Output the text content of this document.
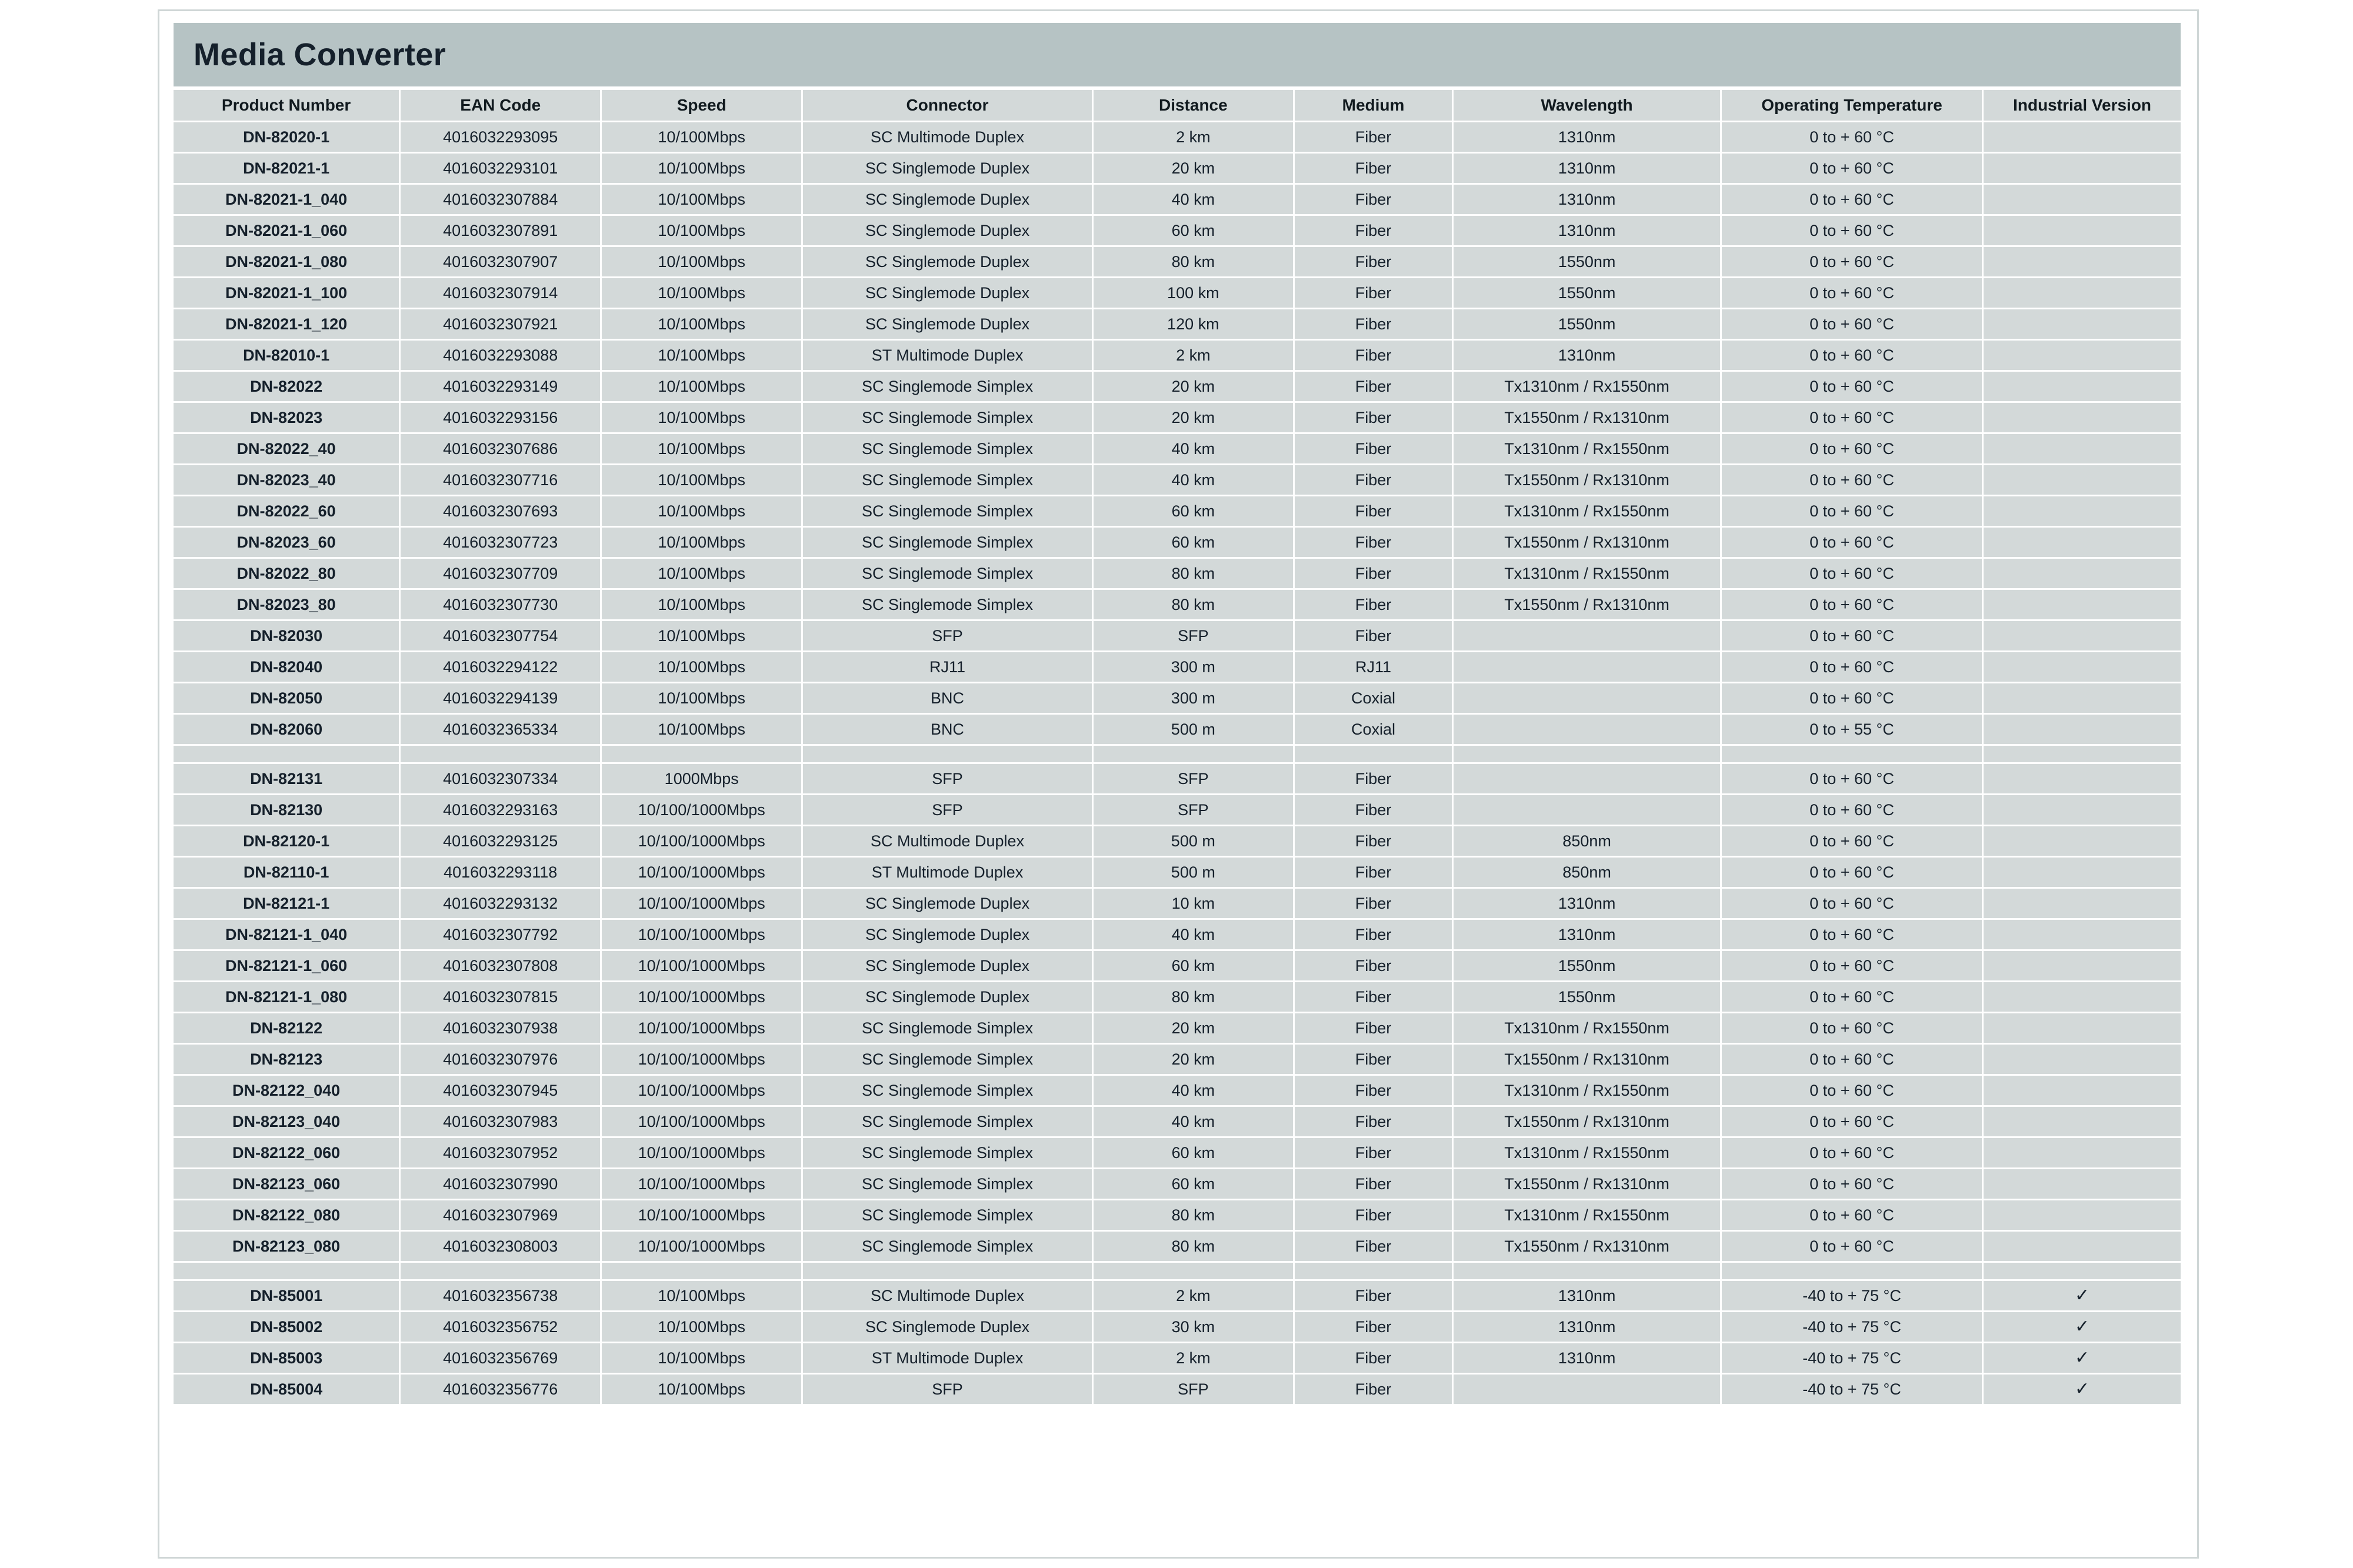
Media Converter
Product Number	EAN Code	Speed	Connector	Distance	Medium	Wavelength	Operating Temperature	Industrial Version
DN-82020-1	4016032293095	10/100Mbps	SC Multimode Duplex	2 km	Fiber	1310nm	0 to + 60 °C	
DN-82021-1	4016032293101	10/100Mbps	SC Singlemode Duplex	20 km	Fiber	1310nm	0 to + 60 °C	
DN-82021-1_040	4016032307884	10/100Mbps	SC Singlemode Duplex	40 km	Fiber	1310nm	0 to + 60 °C	
DN-82021-1_060	4016032307891	10/100Mbps	SC Singlemode Duplex	60 km	Fiber	1310nm	0 to + 60 °C	
DN-82021-1_080	4016032307907	10/100Mbps	SC Singlemode Duplex	80 km	Fiber	1550nm	0 to + 60 °C	
DN-82021-1_100	4016032307914	10/100Mbps	SC Singlemode Duplex	100 km	Fiber	1550nm	0 to + 60 °C	
DN-82021-1_120	4016032307921	10/100Mbps	SC Singlemode Duplex	120 km	Fiber	1550nm	0 to + 60 °C	
DN-82010-1	4016032293088	10/100Mbps	ST Multimode Duplex	2 km	Fiber	1310nm	0 to + 60 °C	
DN-82022	4016032293149	10/100Mbps	SC Singlemode Simplex	20 km	Fiber	Tx1310nm / Rx1550nm	0 to + 60 °C	
DN-82023	4016032293156	10/100Mbps	SC Singlemode Simplex	20 km	Fiber	Tx1550nm / Rx1310nm	0 to + 60 °C	
DN-82022_40	4016032307686	10/100Mbps	SC Singlemode Simplex	40 km	Fiber	Tx1310nm / Rx1550nm	0 to + 60 °C	
DN-82023_40	4016032307716	10/100Mbps	SC Singlemode Simplex	40 km	Fiber	Tx1550nm / Rx1310nm	0 to + 60 °C	
DN-82022_60	4016032307693	10/100Mbps	SC Singlemode Simplex	60 km	Fiber	Tx1310nm / Rx1550nm	0 to + 60 °C	
DN-82023_60	4016032307723	10/100Mbps	SC Singlemode Simplex	60 km	Fiber	Tx1550nm / Rx1310nm	0 to + 60 °C	
DN-82022_80	4016032307709	10/100Mbps	SC Singlemode Simplex	80 km	Fiber	Tx1310nm / Rx1550nm	0 to + 60 °C	
DN-82023_80	4016032307730	10/100Mbps	SC Singlemode Simplex	80 km	Fiber	Tx1550nm / Rx1310nm	0 to + 60 °C	
DN-82030	4016032307754	10/100Mbps	SFP	SFP	Fiber		0 to + 60 °C	
DN-82040	4016032294122	10/100Mbps	RJ11	300 m	RJ11		0 to + 60 °C	
DN-82050	4016032294139	10/100Mbps	BNC	300 m	Coxial		0 to + 60 °C	
DN-82060	4016032365334	10/100Mbps	BNC	500 m	Coxial		0 to + 55 °C	

DN-82131	4016032307334	1000Mbps	SFP	SFP	Fiber		0 to + 60 °C	
DN-82130	4016032293163	10/100/1000Mbps	SFP	SFP	Fiber		0 to + 60 °C	
DN-82120-1	4016032293125	10/100/1000Mbps	SC Multimode Duplex	500 m	Fiber	850nm	0 to + 60 °C	
DN-82110-1	4016032293118	10/100/1000Mbps	ST Multimode Duplex	500 m	Fiber	850nm	0 to + 60 °C	
DN-82121-1	4016032293132	10/100/1000Mbps	SC Singlemode Duplex	10 km	Fiber	1310nm	0 to + 60 °C	
DN-82121-1_040	4016032307792	10/100/1000Mbps	SC Singlemode Duplex	40 km	Fiber	1310nm	0 to + 60 °C	
DN-82121-1_060	4016032307808	10/100/1000Mbps	SC Singlemode Duplex	60 km	Fiber	1550nm	0 to + 60 °C	
DN-82121-1_080	4016032307815	10/100/1000Mbps	SC Singlemode Duplex	80 km	Fiber	1550nm	0 to + 60 °C	
DN-82122	4016032307938	10/100/1000Mbps	SC Singlemode Simplex	20 km	Fiber	Tx1310nm / Rx1550nm	0 to + 60 °C	
DN-82123	4016032307976	10/100/1000Mbps	SC Singlemode Simplex	20 km	Fiber	Tx1550nm / Rx1310nm	0 to + 60 °C	
DN-82122_040	4016032307945	10/100/1000Mbps	SC Singlemode Simplex	40 km	Fiber	Tx1310nm / Rx1550nm	0 to + 60 °C	
DN-82123_040	4016032307983	10/100/1000Mbps	SC Singlemode Simplex	40 km	Fiber	Tx1550nm / Rx1310nm	0 to + 60 °C	
DN-82122_060	4016032307952	10/100/1000Mbps	SC Singlemode Simplex	60 km	Fiber	Tx1310nm / Rx1550nm	0 to + 60 °C	
DN-82123_060	4016032307990	10/100/1000Mbps	SC Singlemode Simplex	60 km	Fiber	Tx1550nm / Rx1310nm	0 to + 60 °C	
DN-82122_080	4016032307969	10/100/1000Mbps	SC Singlemode Simplex	80 km	Fiber	Tx1310nm / Rx1550nm	0 to + 60 °C	
DN-82123_080	4016032308003	10/100/1000Mbps	SC Singlemode Simplex	80 km	Fiber	Tx1550nm / Rx1310nm	0 to + 60 °C	

DN-85001	4016032356738	10/100Mbps	SC Multimode Duplex	2 km	Fiber	1310nm	-40 to + 75 °C	✓
DN-85002	4016032356752	10/100Mbps	SC Singlemode Duplex	30 km	Fiber	1310nm	-40 to + 75 °C	✓
DN-85003	4016032356769	10/100Mbps	ST Multimode Duplex	2 km	Fiber	1310nm	-40 to + 75 °C	✓
DN-85004	4016032356776	10/100Mbps	SFP	SFP	Fiber		-40 to + 75 °C	✓
